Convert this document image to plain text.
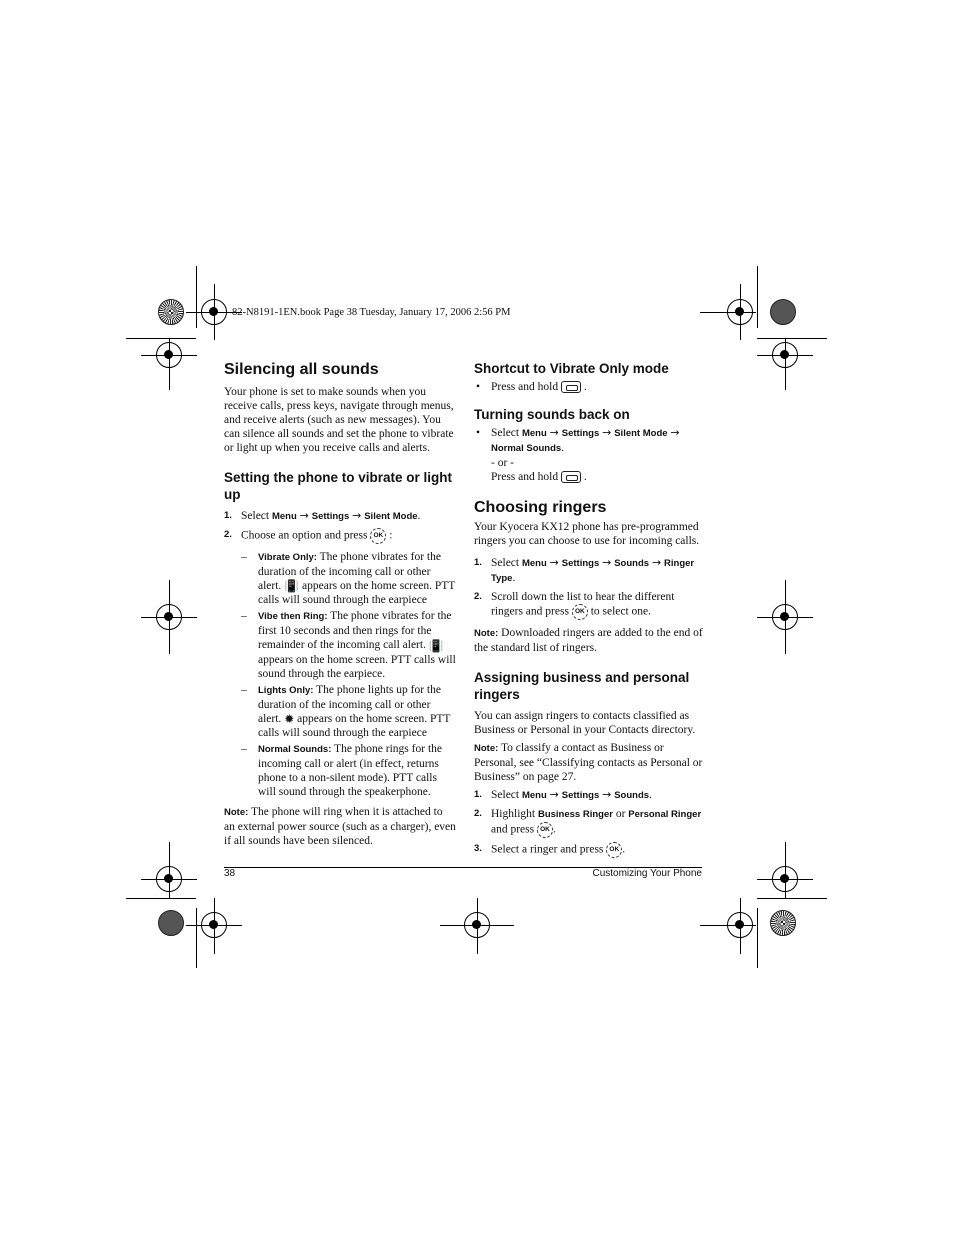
82-N8191-1EN.book Page 38 Tuesday, January 17, 2006 2:56 PM
Silencing all sounds

Your phone is set to make sounds when you receive calls, press keys, navigate through menus, and receive alerts (such as new messages). You can silence all sounds and set the phone to vibrate or light up when you receive calls and alerts.

Setting the phone to vibrate or light up
1. Select Menu → Settings → Silent Mode.
2. Choose an option and press OK :
– Vibrate Only: The phone vibrates for the duration of the incoming call or other alert. 📳 appears on the home screen. PTT calls will sound through the earpiece
– Vibe then Ring: The phone vibrates for the first 10 seconds and then rings for the remainder of the incoming call alert. 📳 appears on the home screen. PTT calls will sound through the earpiece.
– Lights Only: The phone lights up for the duration of the incoming call or other alert. ✹ appears on the home screen. PTT calls will sound through the earpiece
– Normal Sounds: The phone rings for the incoming call or alert (in effect, returns phone to a non-silent mode). PTT calls will sound through the speakerphone.

Note: The phone will ring when it is attached to an external power source (such as a charger), even if all sounds have been silenced.

Shortcut to Vibrate Only mode
• Press and hold  .
Turning sounds back on
• Select Menu → Settings → Silent Mode → Normal Sounds.
- or -
Press and hold  .
Choosing ringers

Your Kyocera KX12 phone has pre-programmed ringers you can choose to use for incoming calls.

1. Select Menu → Settings → Sounds → Ringer Type.
2. Scroll down the list to hear the different ringers and press OK to select one.

Note: Downloaded ringers are added to the end of the standard list of ringers.

Assigning business and personal ringers

You can assign ringers to contacts classified as Business or Personal in your Contacts directory.

Note: To classify a contact as Business or Personal, see “Classifying contacts as Personal or Business” on page 27.

1. Select Menu → Settings → Sounds.
2. Highlight Business Ringer or Personal Ringer and press OK .
3. Select a ringer and press OK .
38	Customizing Your Phone
